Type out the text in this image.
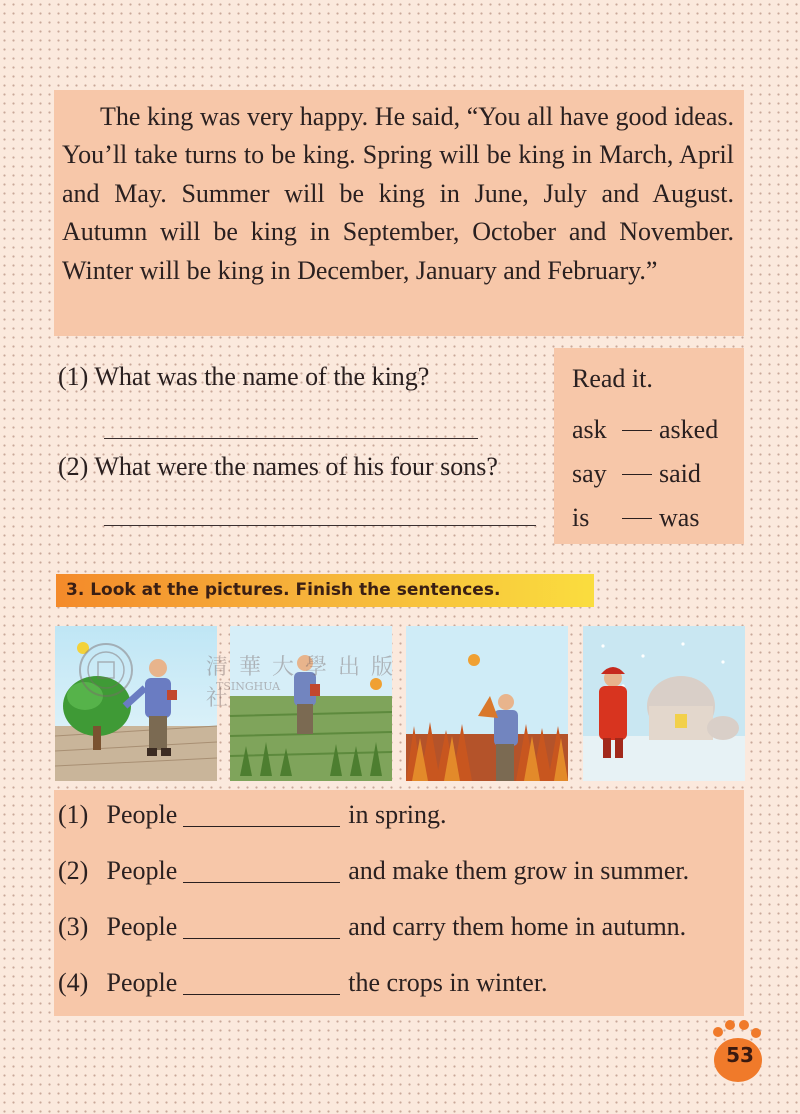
The king was very happy. He said, “You all have good ideas. You’ll take turns to be king. Spring will be king in March, April and May. Summer will be king in June, July and August. Autumn will be king in September, October and November. Winter will be king in December, January and February.”

(1) What was the name of the king?
(2) What were the names of his four sons?
Read it.
ask	asked
say	said
is	was
3. Look at the pictures. Finish the sentences.
清 華 大 學 出 版 社
TSINGHUA
(1) People	in spring.
(2) People	and make them grow in summer.
(3) People	and carry them home in autumn.
(4) People	the crops in winter.
53
